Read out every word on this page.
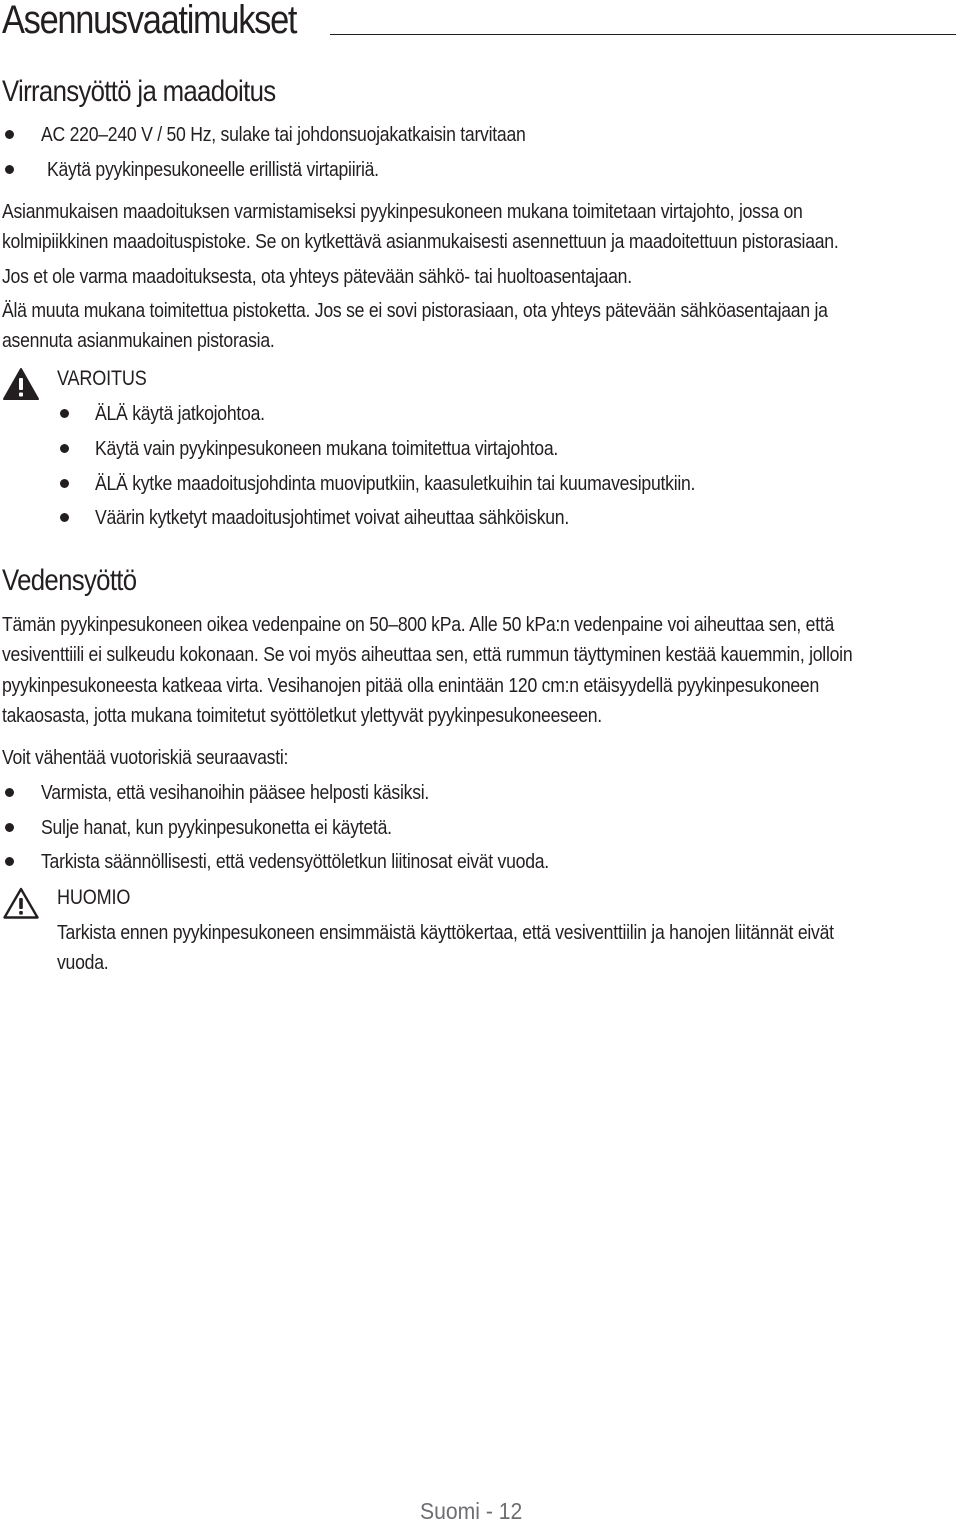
Asennusvaatimukset
Virransyöttö ja maadoitus
AC 220–240 V / 50 Hz, sulake tai johdonsuojakatkaisin tarvitaan
Käytä pyykinpesukoneelle erillistä virtapiiriä.
Asianmukaisen maadoituksen varmistamiseksi pyykinpesukoneen mukana toimitetaan virtajohto, jossa on
kolmipiikkinen maadoituspistoke. Se on kytkettävä asianmukaisesti asennettuun ja maadoitettuun pistorasiaan.
Jos et ole varma maadoituksesta, ota yhteys pätevään sähkö- tai huoltoasentajaan.
Älä muuta mukana toimitettua pistoketta. Jos se ei sovi pistorasiaan, ota yhteys pätevään sähköasentajaan ja
asennuta asianmukainen pistorasia.
VAROITUS
ÄLÄ käytä jatkojohtoa.
Käytä vain pyykinpesukoneen mukana toimitettua virtajohtoa.
ÄLÄ kytke maadoitusjohdinta muoviputkiin, kaasuletkuihin tai kuumavesiputkiin.
Väärin kytketyt maadoitusjohtimet voivat aiheuttaa sähköiskun.
Vedensyöttö
Tämän pyykinpesukoneen oikea vedenpaine on 50–800 kPa. Alle 50 kPa:n vedenpaine voi aiheuttaa sen, että
vesiventtiili ei sulkeudu kokonaan. Se voi myös aiheuttaa sen, että rummun täyttyminen kestää kauemmin, jolloin
pyykinpesukoneesta katkeaa virta. Vesihanojen pitää olla enintään 120 cm:n etäisyydellä pyykinpesukoneen
takaosasta, jotta mukana toimitetut syöttöletkut ylettyvät pyykinpesukoneeseen.
Voit vähentää vuotoriskiä seuraavasti:
Varmista, että vesihanoihin pääsee helposti käsiksi.
Sulje hanat, kun pyykinpesukonetta ei käytetä.
Tarkista säännöllisesti, että vedensyöttöletkun liitinosat eivät vuoda.
HUOMIO
Tarkista ennen pyykinpesukoneen ensimmäistä käyttökertaa, että vesiventtiilin ja hanojen liitännät eivät
vuoda.
Suomi - 12
